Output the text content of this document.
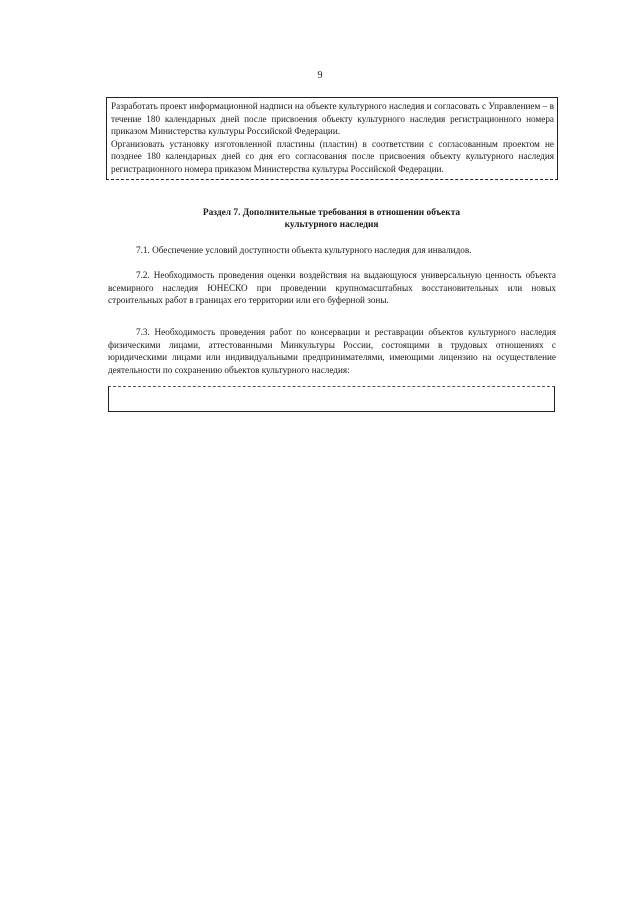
9

Разработать проект информационной надписи на объекте культурного наследия и согласовать с Управлением – в течение 180 календарных дней после присвоения объекту культурного наследия регистрационного номера приказом Министерства культуры Российской Федерации.

Организовать установку изготовленной пластины (пластин) в соответствии с согласованным проектом не позднее 180 календарных дней со дня его согласования после присвоения объекту культурного наследия регистрационного номера приказом Министерства культуры Российской Федерации.

Раздел 7. Дополнительные требования в отношении объекта
культурного наследия

7.1. Обеспечение условий доступности объекта культурного наследия для инвалидов.

7.2. Необходимость проведения оценки воздействия на выдающуюся универсальную ценность объекта всемирного наследия ЮНЕСКО при проведении крупномасштабных восстановительных или новых строительных работ в границах его территории или его буферной зоны.

7.3. Необходимость проведения работ по консервации и реставрации объектов культурного наследия физическими лицами, аттестованными Минкультуры России, состоящими в трудовых отношениях с юридическими лицами или индивидуальными предпринимателями, имеющими лицензию на осуществление деятельности по сохранению объектов культурного наследия:
